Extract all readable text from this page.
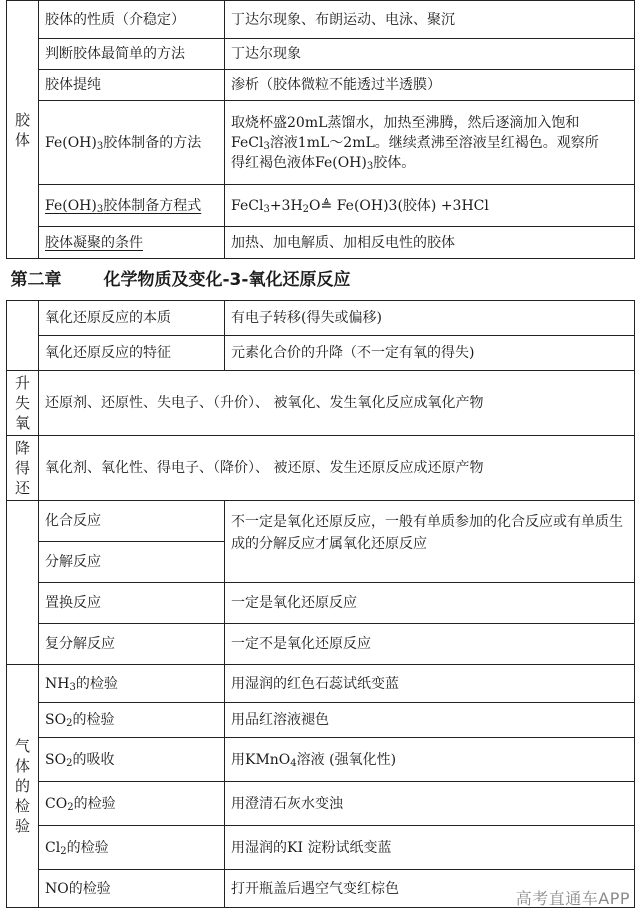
胶
体	胶体的性质（介稳定）	丁达尔现象、布朗运动、电泳、聚沉
	判断胶体最简单的方法	丁达尔现象
	胶体提纯	渗析（胶体微粒不能透过半透膜）
	$Fe(OH)_3$胶体制备的方法	取烧杯盛20mL蒸馏水，加热至沸腾，然后逐滴加入饱和
FeCl$_3$溶液1mL～2mL。继续煮沸至溶液呈红褐色。观察所
得红褐色液体$Fe(OH)_3$胶体。

	$Fe(OH)_3$胶体制备方程式	$FeCl_3+3H_2O≜$ Fe(OH)3(胶体) +3HCl
	胶体凝聚的条件	加热、加电解质、加相反电性的胶体
第二章 化学物质及变化-3-氧化还原反应		
	氧化还原反应的本质	有电子转移(得失或偏移)
	氧化还原反应的特征	元素化合价的升降（不一定有氧的得失)

升
失
氧	还原剂、还原性、失电子、（升价）、 被氧化、发生氧化反应成氧化产物	

降
得
还	氧化剂、氧化性、得电子、（降价）、 被还原、发生还原反应成还原产物	
	化合反应	不一定是氧化还原反应，一般有单质参加的化合反应或有单质生成的分解反应才属氧化还原反应
	分解反应	
	置换反应	一定是氧化还原反应
	复分解反应	一定不是氧化还原反应

气
体
的
检
验	$NH_3$的检验	用湿润的红色石蕊试纸变蓝
	$SO_2$的检验	用品红溶液褪色
	$SO_2$的吸收	用KMnO$_4$溶液 (强氧化性)
	$CO_2$的检验	用澄清石灰水变浊
	$Cl_2$的检验	用湿润的KI 淀粉试纸变蓝
	NO的检验	打开瓶盖后遇空气变红棕色
高考直通车APP
